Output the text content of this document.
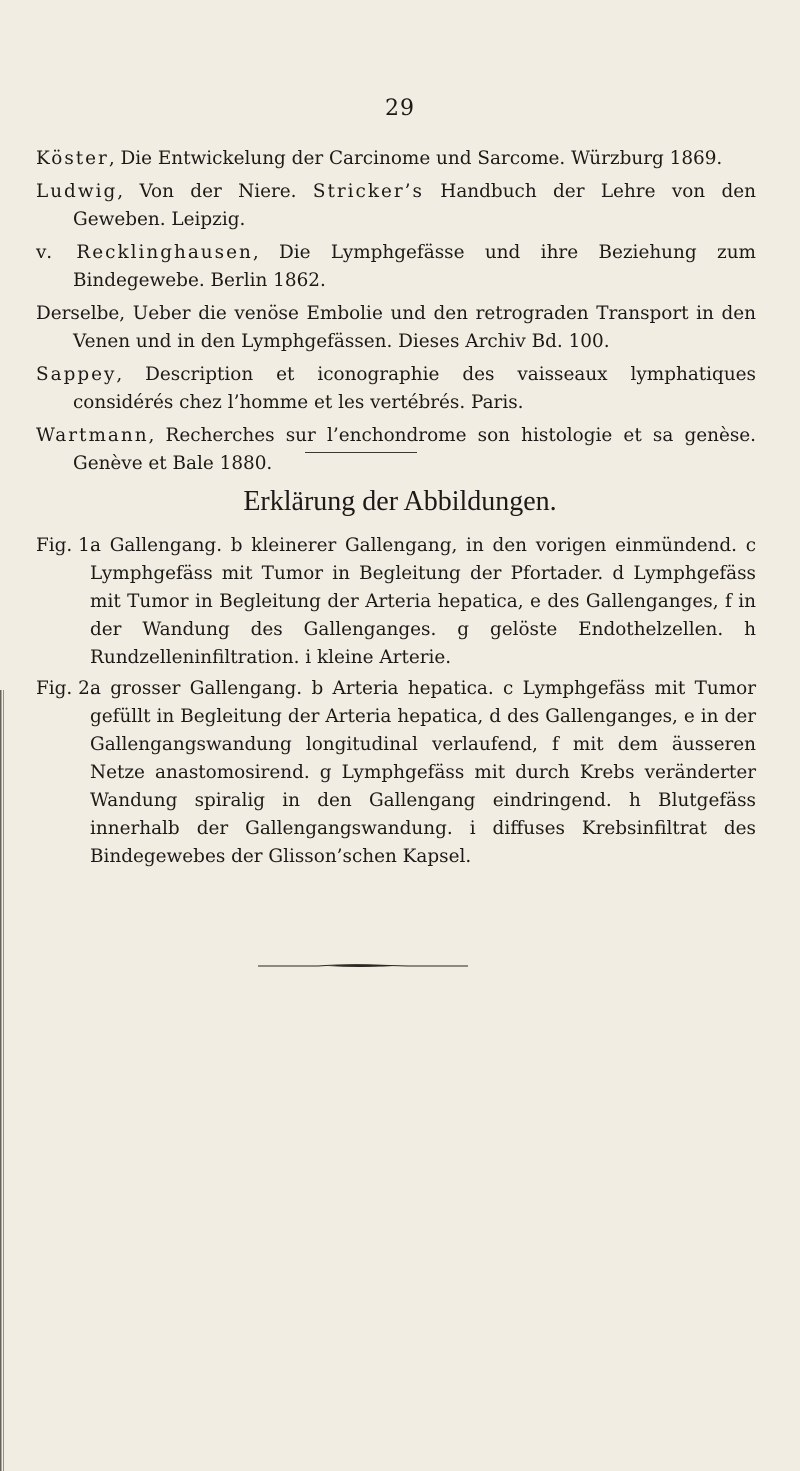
29

Köster, Die Entwickelung der Carcinome und Sarcome. Würzburg 1869.

Ludwig, Von der Niere. Stricker’s Handbuch der Lehre von den Geweben. Leipzig.

v. Recklinghausen, Die Lymphgefässe und ihre Beziehung zum Bindegewebe. Berlin 1862.

Derselbe, Ueber die venöse Embolie und den retrograden Transport in den Venen und in den Lymphgefässen. Dieses Archiv Bd. 100.

Sappey, Description et iconographie des vaisseaux lymphatiques considérés chez l’homme et les vertébrés. Paris.

Wartmann, Recherches sur l’enchondrome son histologie et sa genèse. Genève et Bale 1880.

Erklärung der Abbildungen.
Fig. 1.
a Gallengang. b kleinerer Gallengang, in den vorigen einmündend. c Lymphgefäss mit Tumor in Begleitung der Pfortader. d Lymphgefäss mit Tumor in Begleitung der Arteria hepatica, e des Gallenganges, f in der Wandung des Gallenganges. g gelöste Endothelzellen. h Rundzelleninfiltration. i kleine Arterie.
Fig. 2.
a grosser Gallengang. b Arteria hepatica. c Lymphgefäss mit Tumor gefüllt in Begleitung der Arteria hepatica, d des Gallenganges, e in der Gallengangswandung longitudinal verlaufend, f mit dem äusseren Netze anastomosirend. g Lymphgefäss mit durch Krebs veränderter Wandung spiralig in den Gallengang eindringend. h Blutgefäss innerhalb der Gallengangswandung. i diffuses Krebsinfiltrat des Bindegewebes der Glisson’schen Kapsel.
